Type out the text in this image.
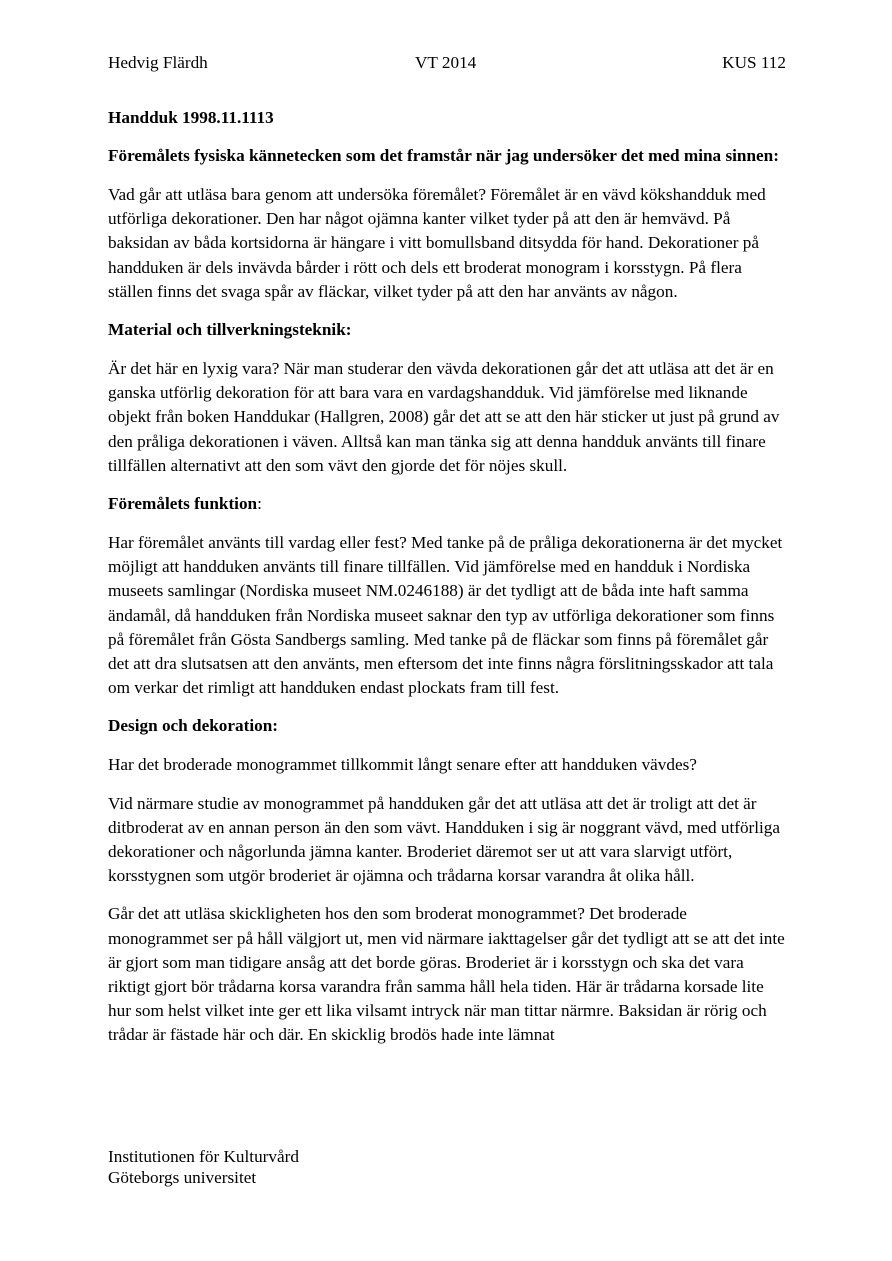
Hedvig Flärdh	VT 2014	KUS 112
Handduk 1998.11.1113
Föremålets fysiska kännetecken som det framstår när jag undersöker det med mina sinnen:

Vad går att utläsa bara genom att undersöka föremålet? Föremålet är en vävd kökshandduk med utförliga dekorationer. Den har något ojämna kanter vilket tyder på att den är hemvävd. På baksidan av båda kortsidorna är hängare i vitt bomullsband ditsydda för hand. Dekorationer på handduken är dels invävda bårder i rött och dels ett broderat monogram i korsstygn. På flera ställen finns det svaga spår av fläckar, vilket tyder på att den har använts av någon.

Material och tillverkningsteknik:

Är det här en lyxig vara? När man studerar den vävda dekorationen går det att utläsa att det är en ganska utförlig dekoration för att bara vara en vardagshandduk. Vid jämförelse med liknande objekt från boken Handdukar (Hallgren, 2008) går det att se att den här sticker ut just på grund av den pråliga dekorationen i väven. Alltså kan man tänka sig att denna handduk använts till finare tillfällen alternativt att den som vävt den gjorde det för nöjes skull.

Föremålets funktion:

Har föremålet använts till vardag eller fest? Med tanke på de pråliga dekorationerna är det mycket möjligt att handduken använts till finare tillfällen. Vid jämförelse med en handduk i Nordiska museets samlingar (Nordiska museet NM.0246188) är det tydligt att de båda inte haft samma ändamål, då handduken från Nordiska museet saknar den typ av utförliga dekorationer som finns på föremålet från Gösta Sandbergs samling. Med tanke på de fläckar som finns på föremålet går det att dra slutsatsen att den använts, men eftersom det inte finns några förslitningsskador att tala om verkar det rimligt att handduken endast plockats fram till fest.

Design och dekoration:

Har det broderade monogrammet tillkommit långt senare efter att handduken vävdes?

Vid närmare studie av monogrammet på handduken går det att utläsa att det är troligt att det är ditbroderat av en annan person än den som vävt. Handduken i sig är noggrant vävd, med utförliga dekorationer och någorlunda jämna kanter. Broderiet däremot ser ut att vara slarvigt utfört, korsstygnen som utgör broderiet är ojämna och trådarna korsar varandra åt olika håll.

Går det att utläsa skickligheten hos den som broderat monogrammet? Det broderade monogrammet ser på håll välgjort ut, men vid närmare iakttagelser går det tydligt att se att det inte är gjort som man tidigare ansåg att det borde göras. Broderiet är i korsstygn och ska det vara riktigt gjort bör trådarna korsa varandra från samma håll hela tiden. Här är trådarna korsade lite hur som helst vilket inte ger ett lika vilsamt intryck när man tittar närmre. Baksidan är rörig och trådar är fästade här och där. En skicklig brodös hade inte lämnat

Institutionen för Kulturvård
Göteborgs universitet
